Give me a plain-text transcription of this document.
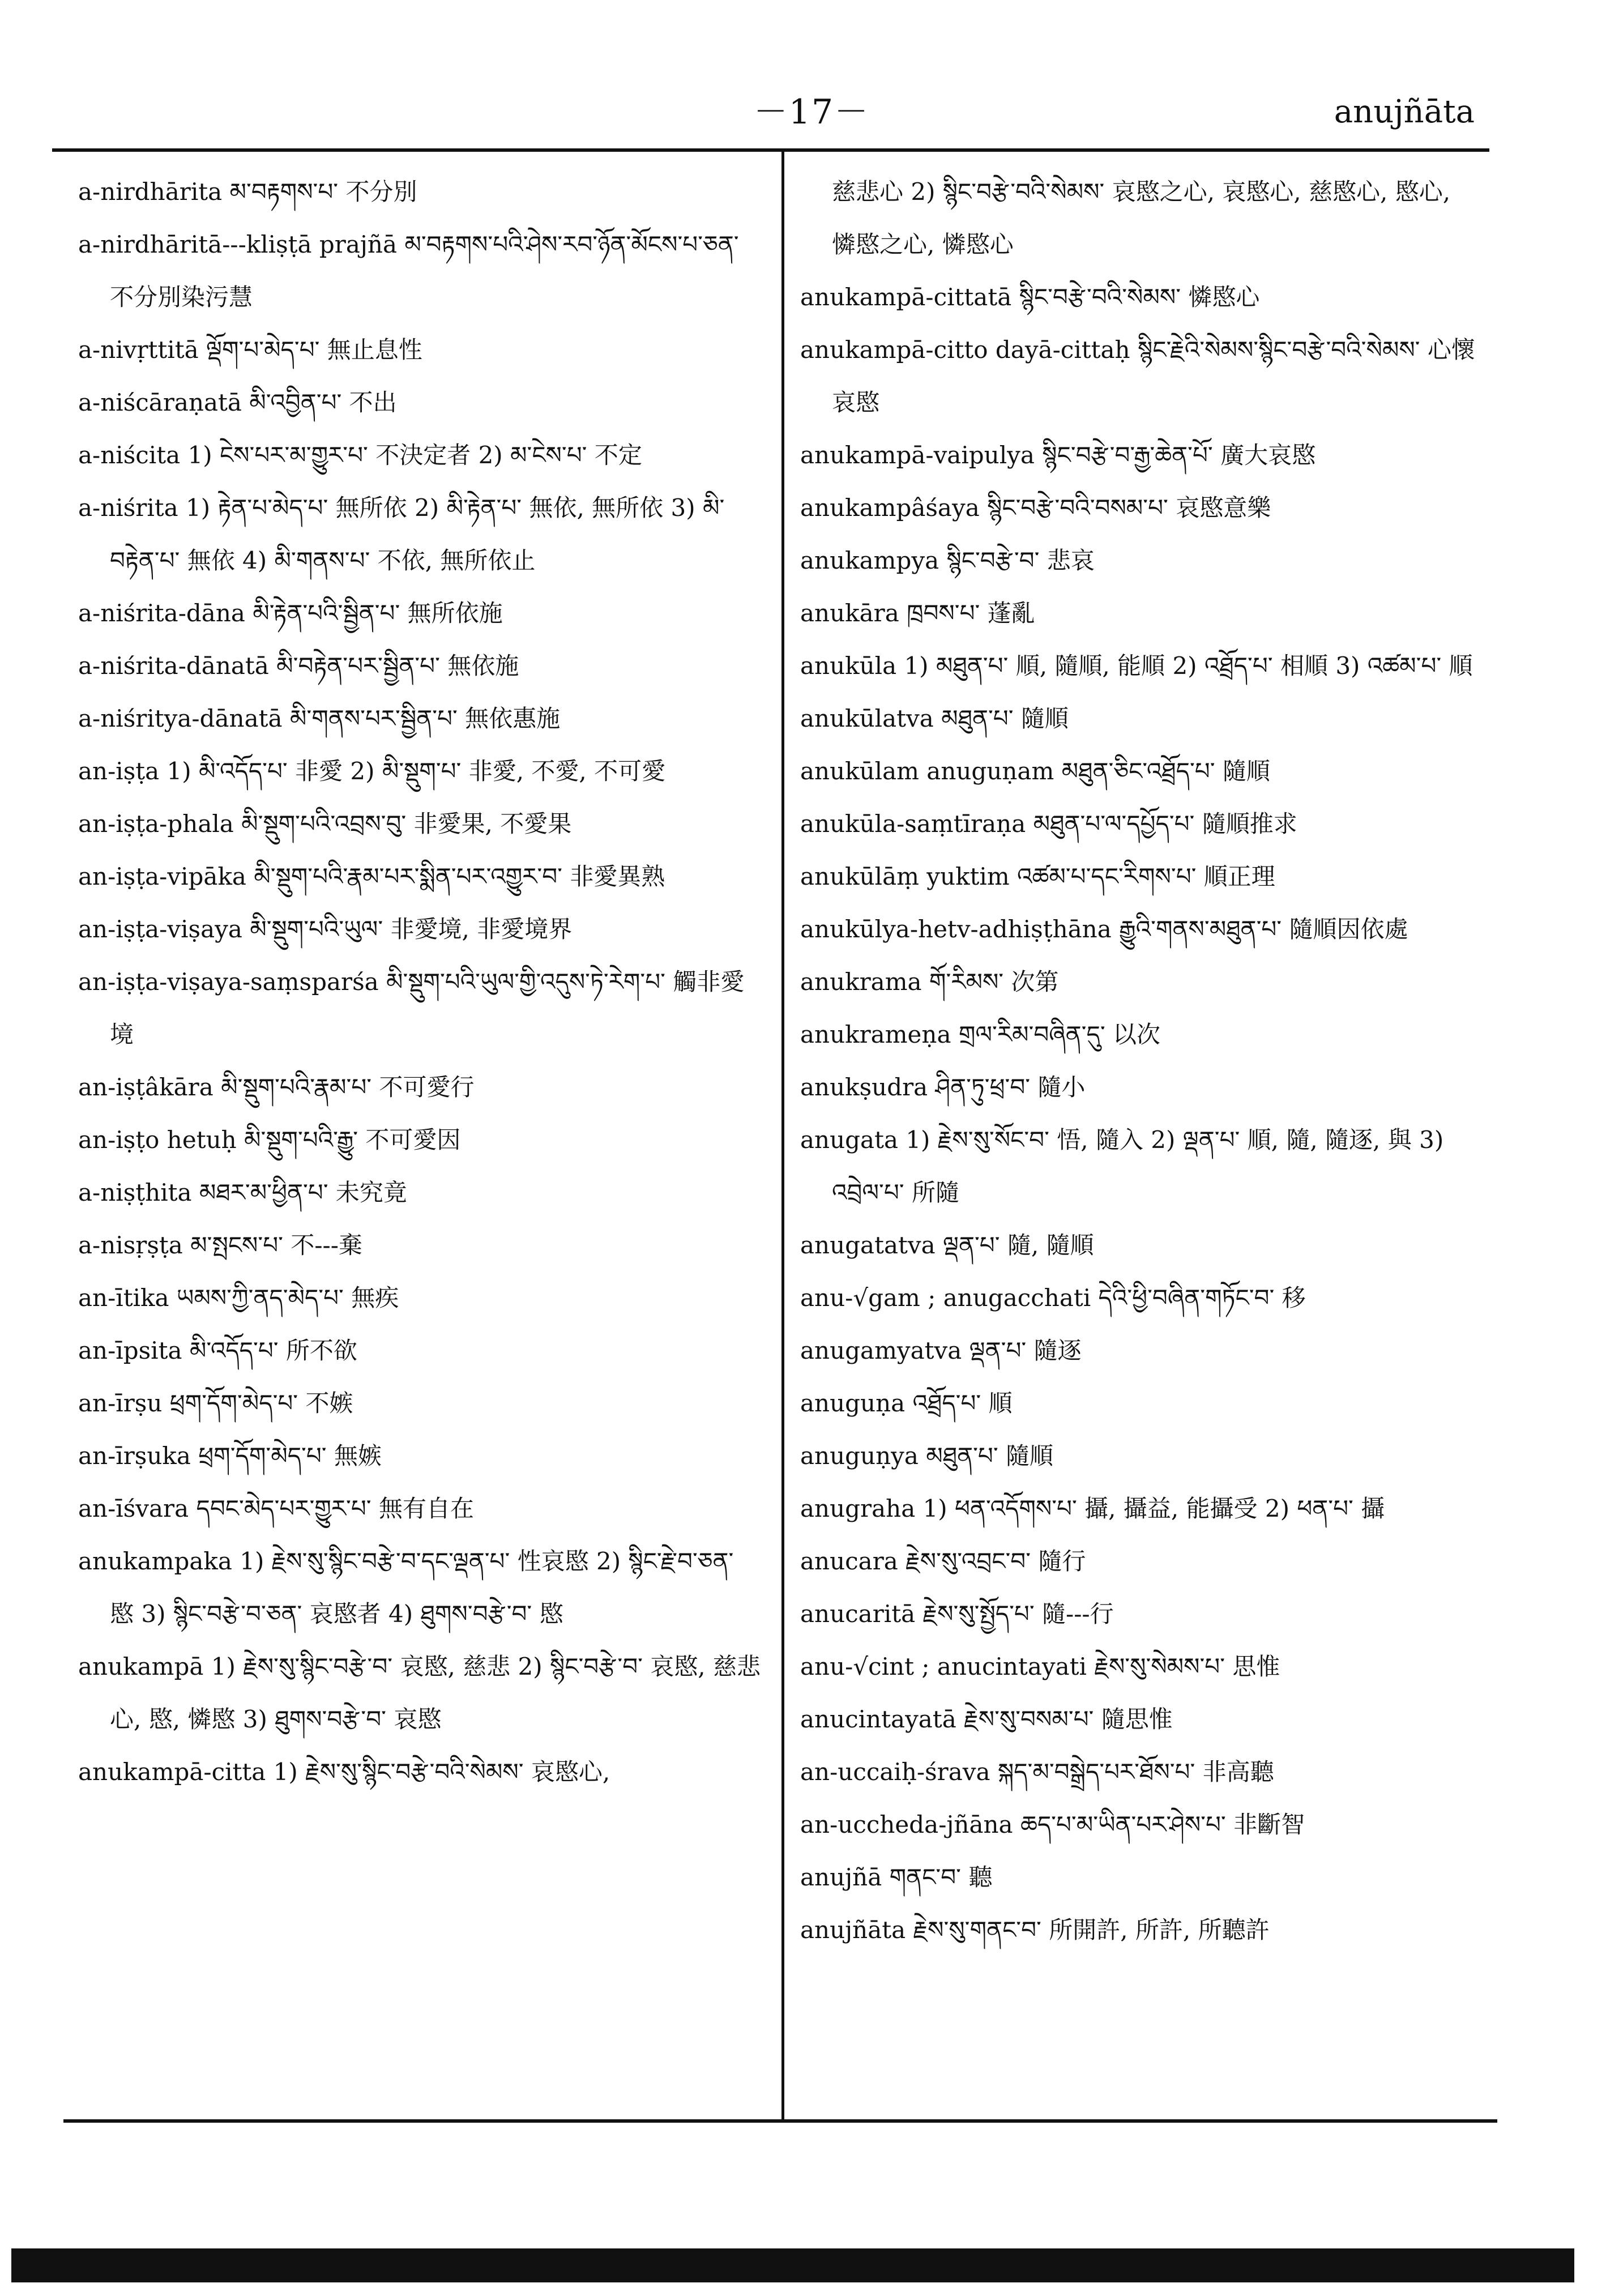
－17－	anujñāta
a-nirdhārita མ་བརྟགས་པ་ 不分別
a-nirdhāritā---kliṣṭā prajñā མ་བརྟགས་པའི་ཤེས་རབ་ཉོན་མོངས་པ་ཅན་ 不分別染污慧
a-nivṛttitā ལྡོག་པ་མེད་པ་ 無止息性
a-niścāraṇatā མི་འབྱིན་པ་ 不出
a-niścita 1) ངེས་པར་མ་གྱུར་པ་ 不決定者 2) མ་ངེས་པ་ 不定
a-niśrita 1) རྟེན་པ་མེད་པ་ 無所依 2) མི་རྟེན་པ་ 無依, 無所依 3) མི་བརྟེན་པ་ 無依 4) མི་གནས་པ་ 不依, 無所依止
a-niśrita-dāna མི་རྟེན་པའི་སྦྱིན་པ་ 無所依施
a-niśrita-dānatā མི་བརྟེན་པར་སྦྱིན་པ་ 無依施
a-niśritya-dānatā མི་གནས་པར་སྦྱིན་པ་ 無依惠施
an-iṣṭa 1) མི་འདོད་པ་ 非愛 2) མི་སྡུག་པ་ 非愛, 不愛, 不可愛
an-iṣṭa-phala མི་སྡུག་པའི་འབྲས་བུ་ 非愛果, 不愛果
an-iṣṭa-vipāka མི་སྡུག་པའི་རྣམ་པར་སྨིན་པར་འགྱུར་བ་ 非愛異熟
an-iṣṭa-viṣaya མི་སྡུག་པའི་ཡུལ་ 非愛境, 非愛境界
an-iṣṭa-viṣaya-saṃsparśa མི་སྡུག་པའི་ཡུལ་གྱི་འདུས་ཏེ་རེག་པ་ 觸非愛境
an-iṣṭâkāra མི་སྡུག་པའི་རྣམ་པ་ 不可愛行
an-iṣṭo hetuḥ མི་སྡུག་པའི་རྒྱུ་ 不可愛因
a-niṣṭhita མཐར་མ་ཕྱིན་པ་ 未究竟
a-nisṛṣṭa མ་སྤངས་པ་ 不---棄
an-ītika ཡམས་ཀྱི་ནད་མེད་པ་ 無疾
an-īpsita མི་འདོད་པ་ 所不欲
an-īrṣu ཕྲག་དོག་མེད་པ་ 不嫉
an-īrṣuka ཕྲག་དོག་མེད་པ་ 無嫉
an-īśvara དབང་མེད་པར་གྱུར་པ་ 無有自在
anukampaka 1) རྗེས་སུ་སྙིང་བརྩེ་བ་དང་ལྡན་པ་ 性哀愍 2) སྙིང་རྗེ་བ་ཅན་ 愍 3) སྙིང་བརྩེ་བ་ཅན་ 哀愍者 4) ཐུགས་བརྩེ་བ་ 愍
anukampā 1) རྗེས་སུ་སྙིང་བརྩེ་བ་ 哀愍, 慈悲 2) སྙིང་བརྩེ་བ་ 哀愍, 慈悲心, 愍, 憐愍 3) ཐུགས་བརྩེ་བ་ 哀愍
anukampā-citta 1) རྗེས་སུ་སྙིང་བརྩེ་བའི་སེམས་ 哀愍心,
慈悲心 2) སྙིང་བརྩེ་བའི་སེམས་ 哀愍之心, 哀愍心, 慈愍心, 愍心, 憐愍之心, 憐愍心
anukampā-cittatā སྙིང་བརྩེ་བའི་སེམས་ 憐愍心
anukampā-citto dayā-cittaḥ སྙིང་རྗེའི་སེམས་སྙིང་བརྩེ་བའི་སེམས་ 心懷哀愍
anukampā-vaipulya སྙིང་བརྩེ་བ་རྒྱ་ཆེན་པོ་ 廣大哀愍
anukampâśaya སྙིང་བརྩེ་བའི་བསམ་པ་ 哀愍意樂
anukampya སྙིང་བརྩེ་བ་ 悲哀
anukāra ཁྲབས་པ་ 蓬亂
anukūla 1) མཐུན་པ་ 順, 隨順, 能順 2) འཐྲོད་པ་ 相順 3) འཚམ་པ་ 順
anukūlatva མཐུན་པ་ 隨順
anukūlam anuguṇam མཐུན་ཅིང་འཐྲོད་པ་ 隨順
anukūla-saṃtīraṇa མཐུན་པ་ལ་དཔྱོད་པ་ 隨順推求
anukūlāṃ yuktim འཚམ་པ་དང་རིགས་པ་ 順正理
anukūlya-hetv-adhiṣṭhāna རྒྱུའི་གནས་མཐུན་པ་ 隨順因依處
anukrama གོ་རིམས་ 次第
anukrameṇa གྲལ་རིམ་བཞིན་དུ་ 以次
anukṣudra ཤིན་ཏུ་ཕྲ་བ་ 隨小
anugata 1) རྗེས་སུ་སོང་བ་ 悟, 隨入 2) ལྡན་པ་ 順, 隨, 隨逐, 與 3) འབྲེལ་པ་ 所隨
anugatatva ལྡན་པ་ 隨, 隨順
anu-√gam ; anugacchati དེའི་ཕྱི་བཞིན་གཏོང་བ་ 移
anugamyatva ལྡན་པ་ 隨逐
anuguṇa འཐྲོད་པ་ 順
anuguṇya མཐུན་པ་ 隨順
anugraha 1) ཕན་འདོགས་པ་ 攝, 攝益, 能攝受 2) ཕན་པ་ 攝
anucara རྗེས་སུ་འབྲང་བ་ 隨行
anucaritā རྗེས་སུ་སྤྱོད་པ་ 隨---行
anu-√cint ; anucintayati རྗེས་སུ་སེམས་པ་ 思惟
anucintayatā རྗེས་སུ་བསམ་པ་ 隨思惟
an-uccaiḥ-śrava སྐད་མ་བསྒྲེད་པར་ཐོས་པ་ 非高聽
an-uccheda-jñāna ཆད་པ་མ་ཡིན་པར་ཤེས་པ་ 非斷智
anujñā གནང་བ་ 聽
anujñāta རྗེས་སུ་གནང་བ་ 所開許, 所許, 所聽許
